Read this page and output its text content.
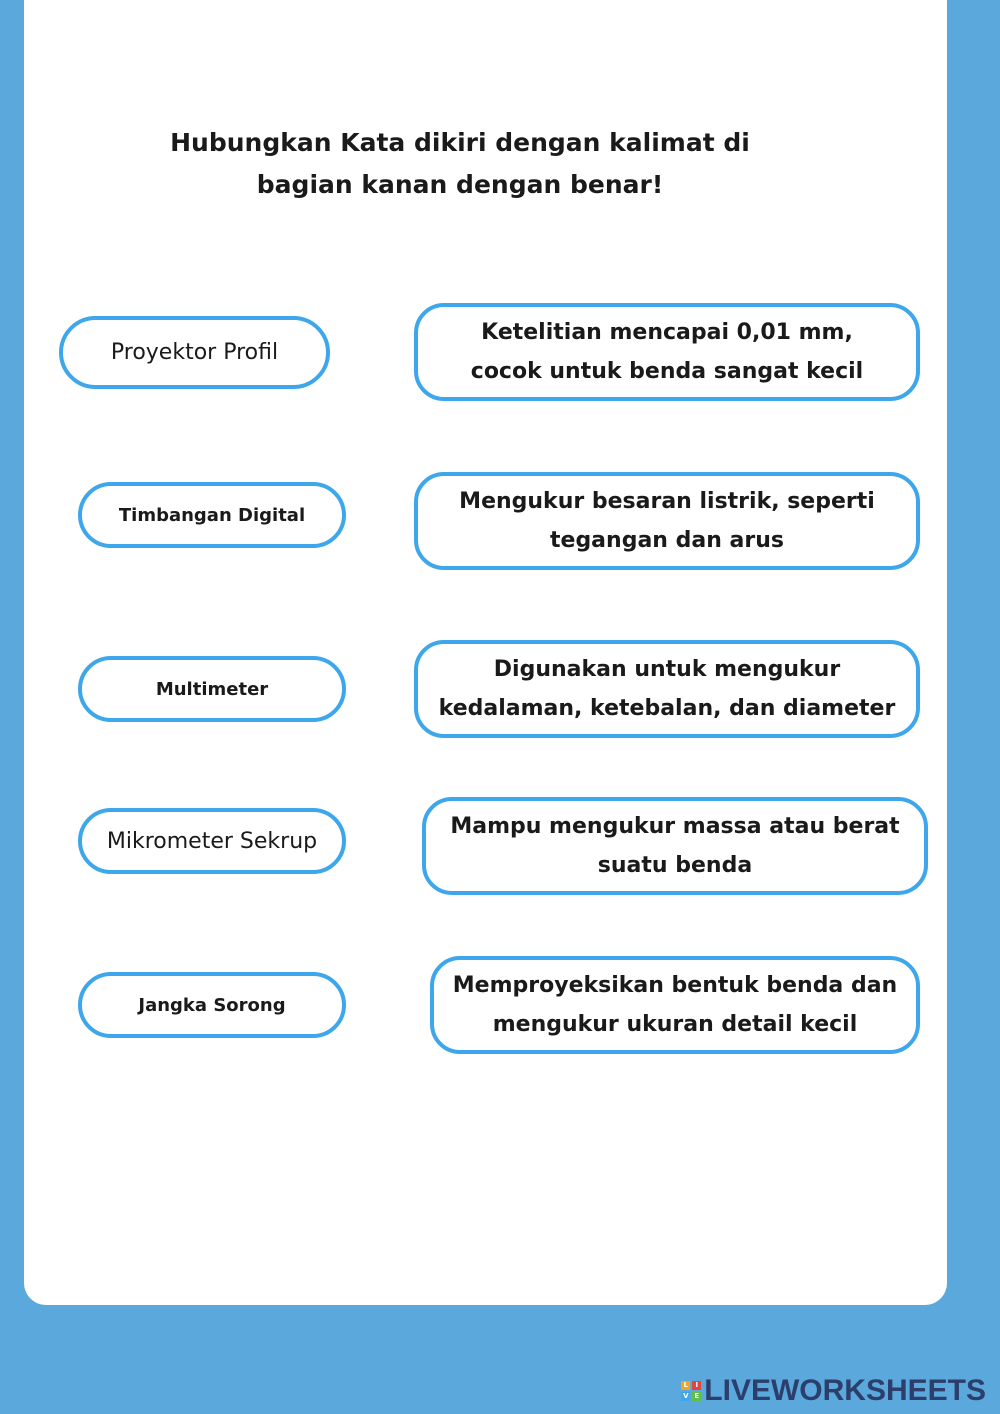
Hubungkan Kata dikiri dengan kalimat di
bagian kanan dengan benar!

Proyektor Profil
Timbangan Digital
Multimeter
Mikrometer Sekrup
Jangka Sorong
Ketelitian mencapai 0,01 mm,
cocok untuk benda sangat kecil
Mengukur besaran listrik, seperti
tegangan dan arus
Digunakan untuk mengukur
kedalaman, ketebalan, dan diameter
Mampu mengukur massa atau berat
suatu benda
Memproyeksikan bentuk benda dan
mengukur ukuran detail kecil
L	I
V E LIVEWORKSHEETS
